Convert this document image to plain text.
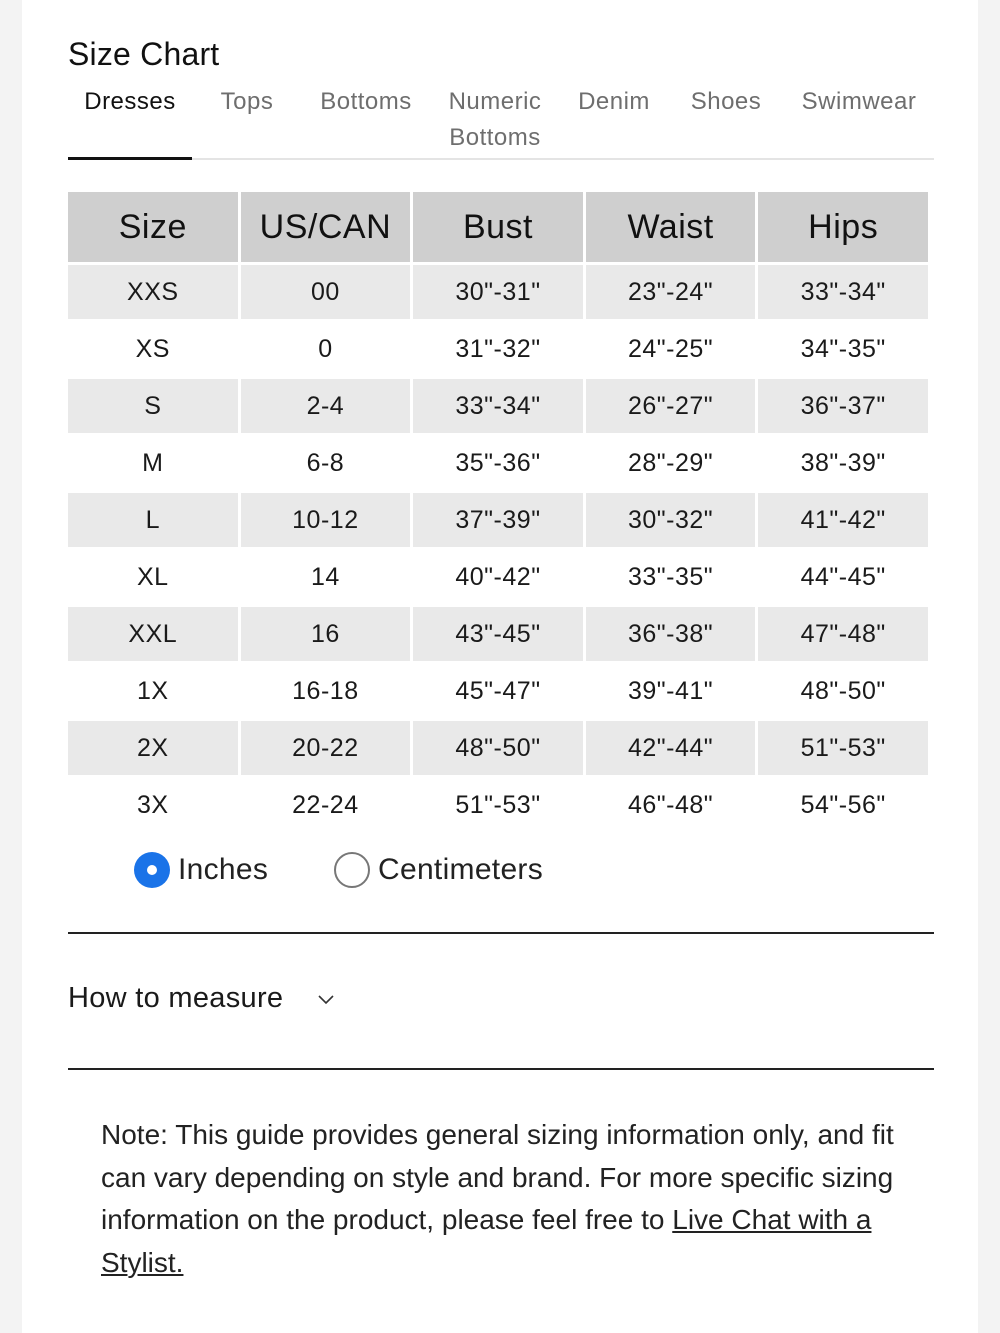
Size Chart
Dresses	Tops	Bottoms	Numeric Bottoms
Denim Shoes	Swimwear
Size	US/CAN	Bust	Waist	Hips
XXS	00	30"-31"	23"-24"	33"-34"
XS	0	31"-32"	24"-25"	34"-35"
S	2-4	33"-34"	26"-27"	36"-37"
M	6-8	35"-36"	28"-29"	38"-39"
L	10-12	37"-39"	30"-32"	41"-42"
XL	14	40"-42"	33"-35"	44"-45"
XXL	16	43"-45"	36"-38"	47"-48"
1X	16-18	45"-47"	39"-41"	48"-50"
2X	20-22	48"-50"	42"-44"	51"-53"
3X	22-24	51"-53"	46"-48"	54"-56"
Inches	Centimeters
How to measure
Note: This guide provides general sizing information only, and fit can vary depending on style and brand. For more specific sizing information on the product, please feel free to Live Chat with a Stylist.
